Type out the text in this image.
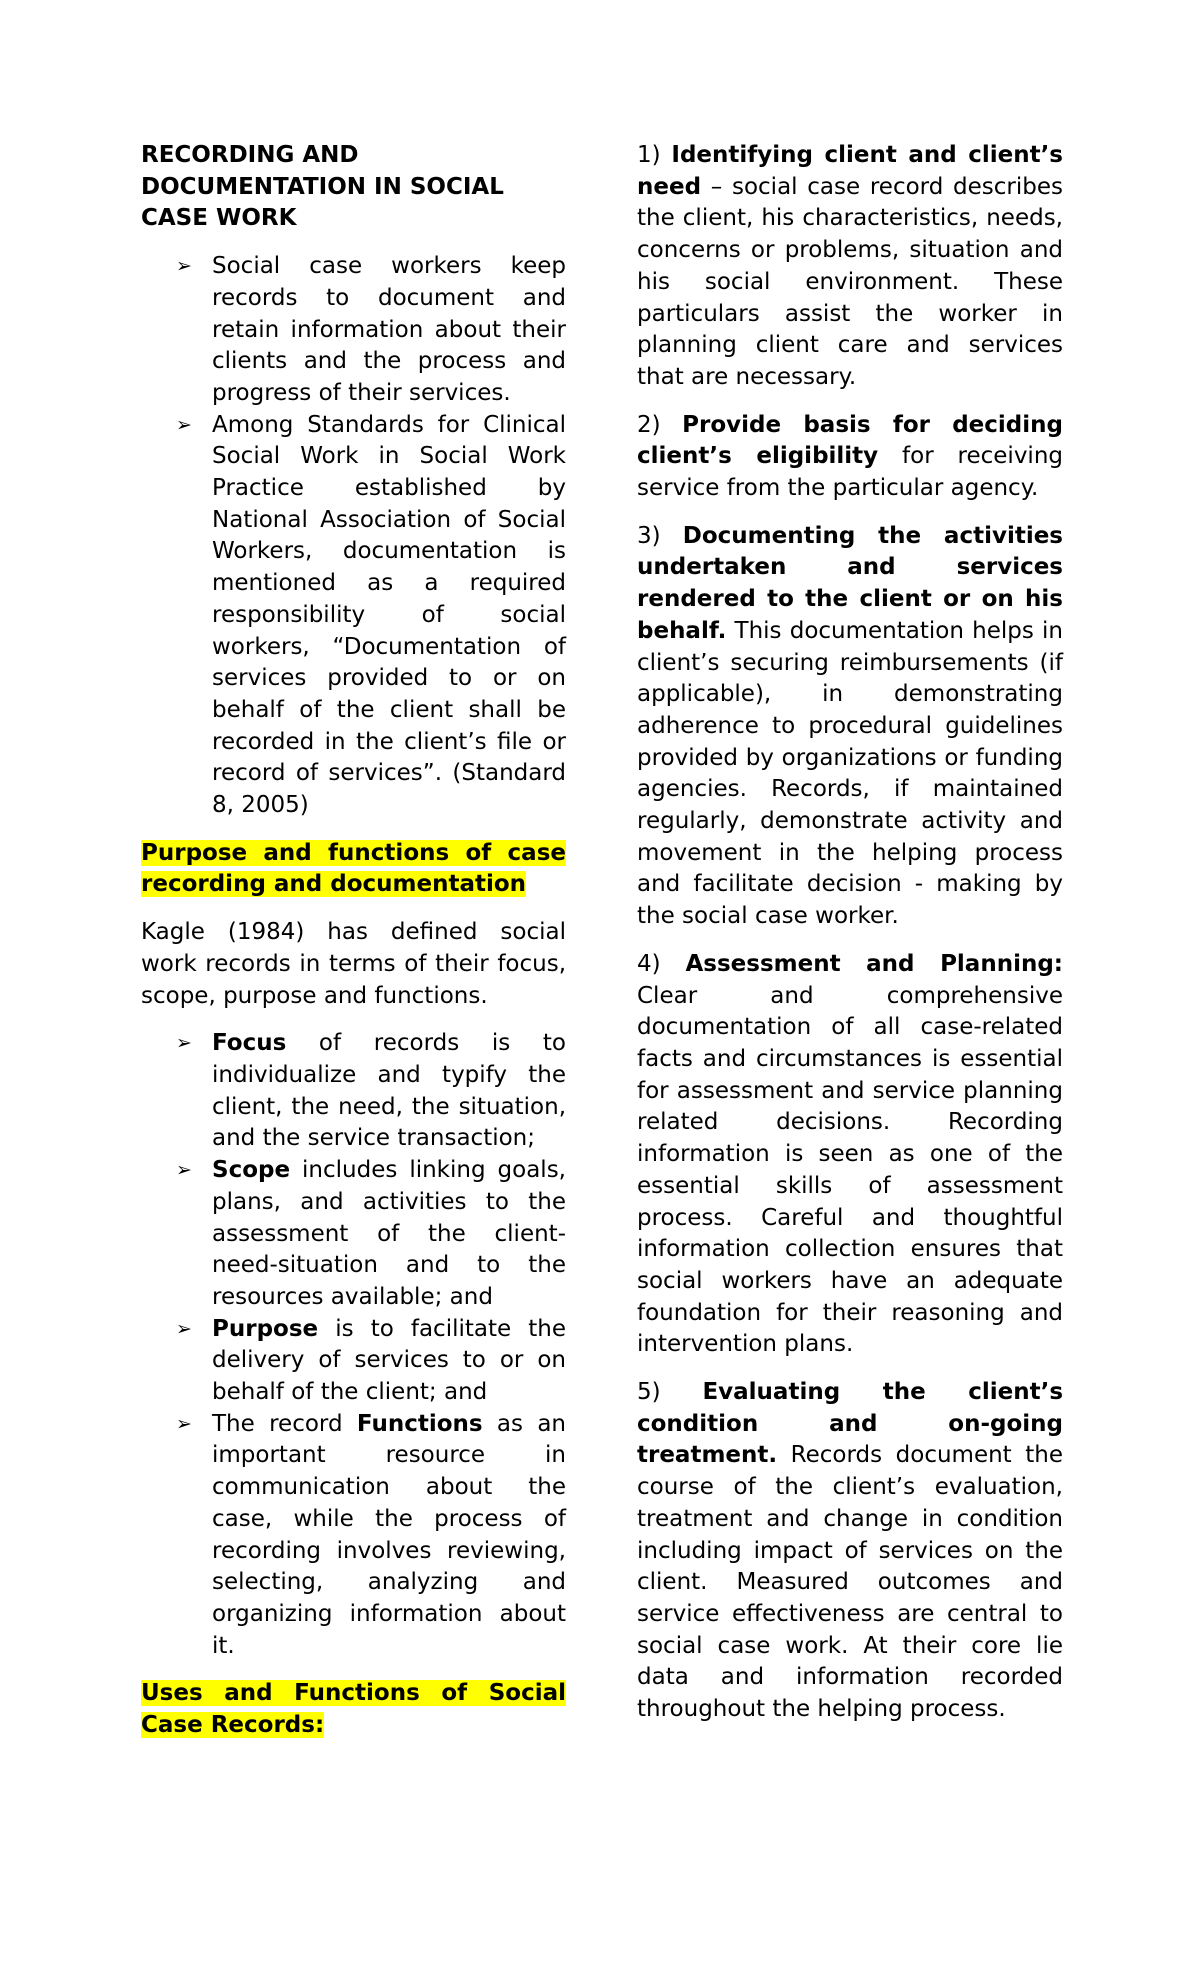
RECORDING AND DOCUMENTATION IN SOCIAL CASE WORK
➢ Social case workers keep records to document and retain information about their clients and the process and progress of their services.
➢ Among Standards for Clinical Social Work in Social Work Practice established by National Association of Social Workers, documentation is mentioned as a required responsibility of social workers, “Documentation of services provided to or on behalf of the client shall be recorded in the client’s file or record of services”. (Standard 8, 2005)
Purpose and functions of case recording and documentation

Kagle (1984) has defined social work records in terms of their focus, scope, purpose and functions.

➢ Focus of records is to individualize and typify the client, the need, the situation, and the service transaction;
➢ Scope includes linking goals, plans, and activities to the assessment of the client-need-situation and to the resources available; and
➢ Purpose is to facilitate the delivery of services to or on behalf of the client; and
➢ The record Functions as an important resource in communication about the case, while the process of recording involves reviewing, selecting, analyzing and organizing information about it.
Uses and Functions of Social Case Records:

1) Identifying client and client’s need – social case record describes the client, his characteristics, needs, concerns or problems, situation and his social environment. These particulars assist the worker in planning client care and services that are necessary.

2) Provide basis for deciding client’s eligibility for receiving service from the particular agency.

3) Documenting the activities undertaken and services rendered to the client or on his behalf. This documentation helps in client’s securing reimbursements (if applicable), in demonstrating adherence to procedural guidelines provided by organizations or funding agencies. Records, if maintained regularly, demonstrate activity and movement in the helping process and facilitate decision - making by the social case worker.

4) Assessment and Planning: Clear and comprehensive documentation of all case-related facts and circumstances is essential for assessment and service planning related decisions. Recording information is seen as one of the essential skills of assessment process. Careful and thoughtful information collection ensures that social workers have an adequate foundation for their reasoning and intervention plans.

5) Evaluating the client’s condition and on-going treatment. Records document the course of the client’s evaluation, treatment and change in condition including impact of services on the client. Measured outcomes and service effectiveness are central to social case work. At their core lie data and information recorded throughout the helping process.
